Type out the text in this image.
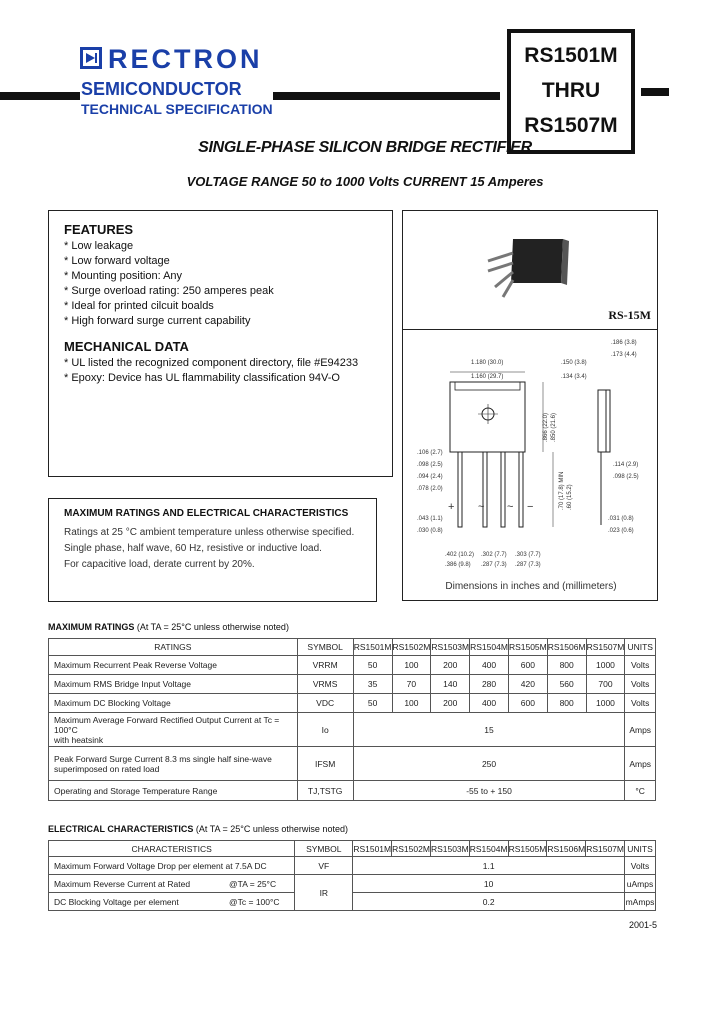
RECTRON
SEMICONDUCTOR
TECHNICAL SPECIFICATION
RS1501M
THRU
RS1507M
SINGLE-PHASE SILICON BRIDGE RECTIFIER
VOLTAGE RANGE 50 to 1000 Volts CURRENT 15 Amperes
FEATURES
* Low leakage
* Low forward voltage
* Mounting position: Any
* Surge overload rating: 250 amperes peak
* Ideal for printed cilcuit boalds
* High forward surge current capability
MECHANICAL DATA
* UL listed the recognized component directory, file #E94233
* Epoxy: Device has UL flammability classification 94V-O
RS-15M
1.180 (30.0)
1.160 (29.7)
.150 (3.8)
.134 (3.4)
.186 (3.8)
.173 (4.4)
.106 (2.7)
.098 (2.5)
.094 (2.4)
.078 (2.0)
.043 (1.1)
.030 (0.8)
.402 (10.2)
.386 (9.8)
.302 (7.7)
.287 (7.3)
.303 (7.7)
.287 (7.3)
.114 (2.9)
.098 (2.5)
.031 (0.8)
.023 (0.6)
.866 (22.0) .850 (21.6)
.70 (17.8) MIN .60 (15.2)
+ ~ ~ −
Dimensions in inches and (millimeters)
MAXIMUM RATINGS AND ELECTRICAL CHARACTERISTICS

Ratings at 25 °C ambient temperature unless otherwise specified.

Single phase, half wave, 60 Hz, resistive or inductive load.

For capacitive load, derate current by 20%.

MAXIMUM RATINGS (At TA = 25°C unless otherwise noted)
RATINGS	SYMBOL	RS1501M	RS1502M	RS1503M	RS1504M	RS1505M	RS1506M	RS1507M	UNITS
Maximum Recurrent Peak Reverse Voltage	VRRM	50	100	200	400	600	800	1000	Volts
Maximum RMS Bridge Input Voltage	VRMS	35	70	140	280	420	560	700	Volts
Maximum DC Blocking Voltage	VDC	50	100	200	400	600	800	1000	Volts

Maximum Average Forward Rectified Output Current at Tc = 100°C
with heatsink	Io	15							Amps

Peak Forward Surge Current 8.3 ms single half sine-wave
superimposed on rated load	IFSM	250							Amps
Operating and Storage Temperature Range	TJ,TSTG	-55 to + 150							°C
ELECTRICAL CHARACTERISTICS (At TA = 25°C unless otherwise noted)
CHARACTERISTICS		SYMBOL	RS1501M	RS1502M	RS1503M	RS1504M	RS1505M	RS1506M	RS1507M	UNITS
Maximum Forward Voltage Drop per element at 7.5A DC		VF	1.1							Volts
Maximum Reverse Current at Rated	@TA = 25°C	IR	10							uAmps
DC Blocking Voltage per element	@Tc = 100°C		0.2							mAmps
2001-5
